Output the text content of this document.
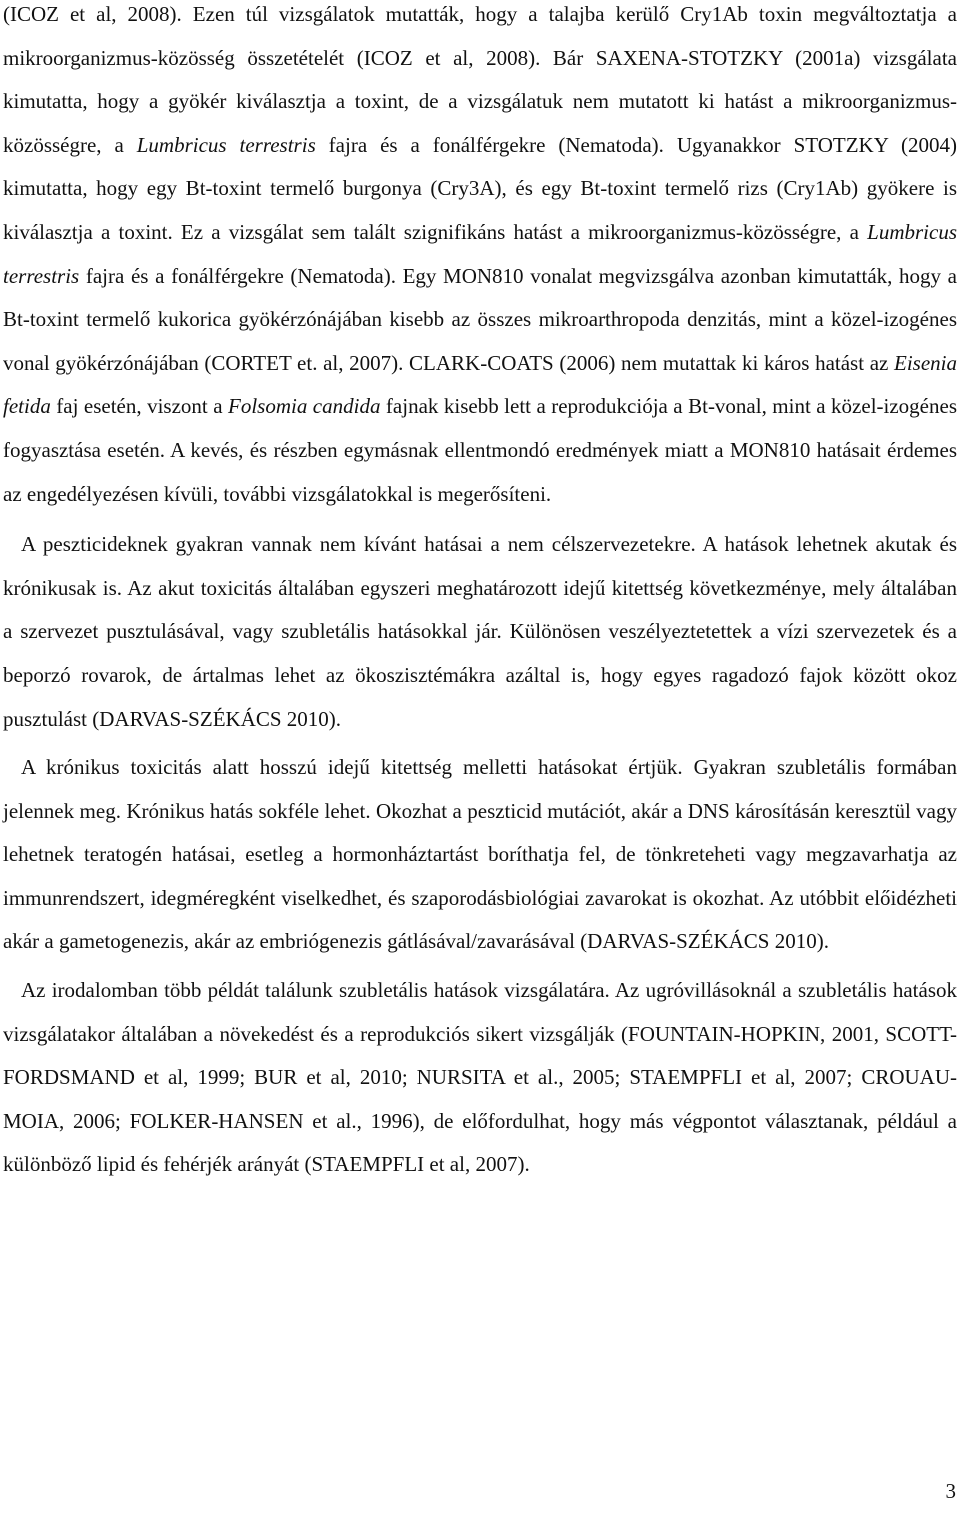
(ICOZ et al, 2008). Ezen túl vizsgálatok mutatták, hogy a talajba kerülő Cry1Ab toxin megváltoztatja a mikroorganizmus-közösség összetételét (ICOZ et al, 2008). Bár SAXENA-STOTZKY (2001a) vizsgálata kimutatta, hogy a gyökér kiválasztja a toxint, de a vizsgálatuk nem mutatott ki hatást a mikroorganizmus-közösségre, a Lumbricus terrestris fajra és a fonálférgekre (Nematoda). Ugyanakkor STOTZKY (2004) kimutatta, hogy egy Bt-toxint termelő burgonya (Cry3A), és egy Bt-toxint termelő rizs (Cry1Ab) gyökere is kiválasztja a toxint. Ez a vizsgálat sem talált szignifikáns hatást a mikroorganizmus-közösségre, a Lumbricus terrestris fajra és a fonálférgekre (Nematoda). Egy MON810 vonalat megvizsgálva azonban kimutatták, hogy a Bt-toxint termelő kukorica gyökérzónájában kisebb az összes mikroarthropoda denzitás, mint a közel-izogénes vonal gyökérzónájában (CORTET et. al, 2007). CLARK-COATS (2006) nem mutattak ki káros hatást az Eisenia fetida faj esetén, viszont a Folsomia candida fajnak kisebb lett a reprodukciója a Bt-vonal, mint a közel-izogénes fogyasztása esetén. A kevés, és részben egymásnak ellentmondó eredmények miatt a MON810 hatásait érdemes az engedélyezésen kívüli, további vizsgálatokkal is megerősíteni.

A peszticideknek gyakran vannak nem kívánt hatásai a nem célszervezetekre. A hatások lehetnek akutak és krónikusak is. Az akut toxicitás általában egyszeri meghatározott idejű kitettség következménye, mely általában a szervezet pusztulásával, vagy szubletális hatásokkal jár. Különösen veszélyeztetettek a vízi szervezetek és a beporzó rovarok, de ártalmas lehet az ökoszisztémákra azáltal is, hogy egyes ragadozó fajok között okoz pusztulást (DARVAS-SZÉKÁCS 2010).

A krónikus toxicitás alatt hosszú idejű kitettség melletti hatásokat értjük. Gyakran szubletális formában jelennek meg. Krónikus hatás sokféle lehet. Okozhat a peszticid mutációt, akár a DNS károsításán keresztül vagy lehetnek teratogén hatásai, esetleg a hormonháztartást boríthatja fel, de tönkreteheti vagy megzavarhatja az immunrendszert, idegméregként viselkedhet, és szaporodásbiológiai zavarokat is okozhat. Az utóbbit előidézheti akár a gametogenezis, akár az embriógenezis gátlásával/zavarásával (DARVAS-SZÉKÁCS 2010).

Az irodalomban több példát találunk szubletális hatások vizsgálatára. Az ugróvillásoknál a szubletális hatások vizsgálatakor általában a növekedést és a reprodukciós sikert vizsgálják (FOUNTAIN-HOPKIN, 2001, SCOTT-FORDSMAND et al, 1999; BUR et al, 2010; NURSITA et al., 2005; STAEMPFLI et al, 2007; CROUAU-MOIA, 2006; FOLKER-HANSEN et al., 1996), de előfordulhat, hogy más végpontot választanak, például a különböző lipid és fehérjék arányát (STAEMPFLI et al, 2007).

3
